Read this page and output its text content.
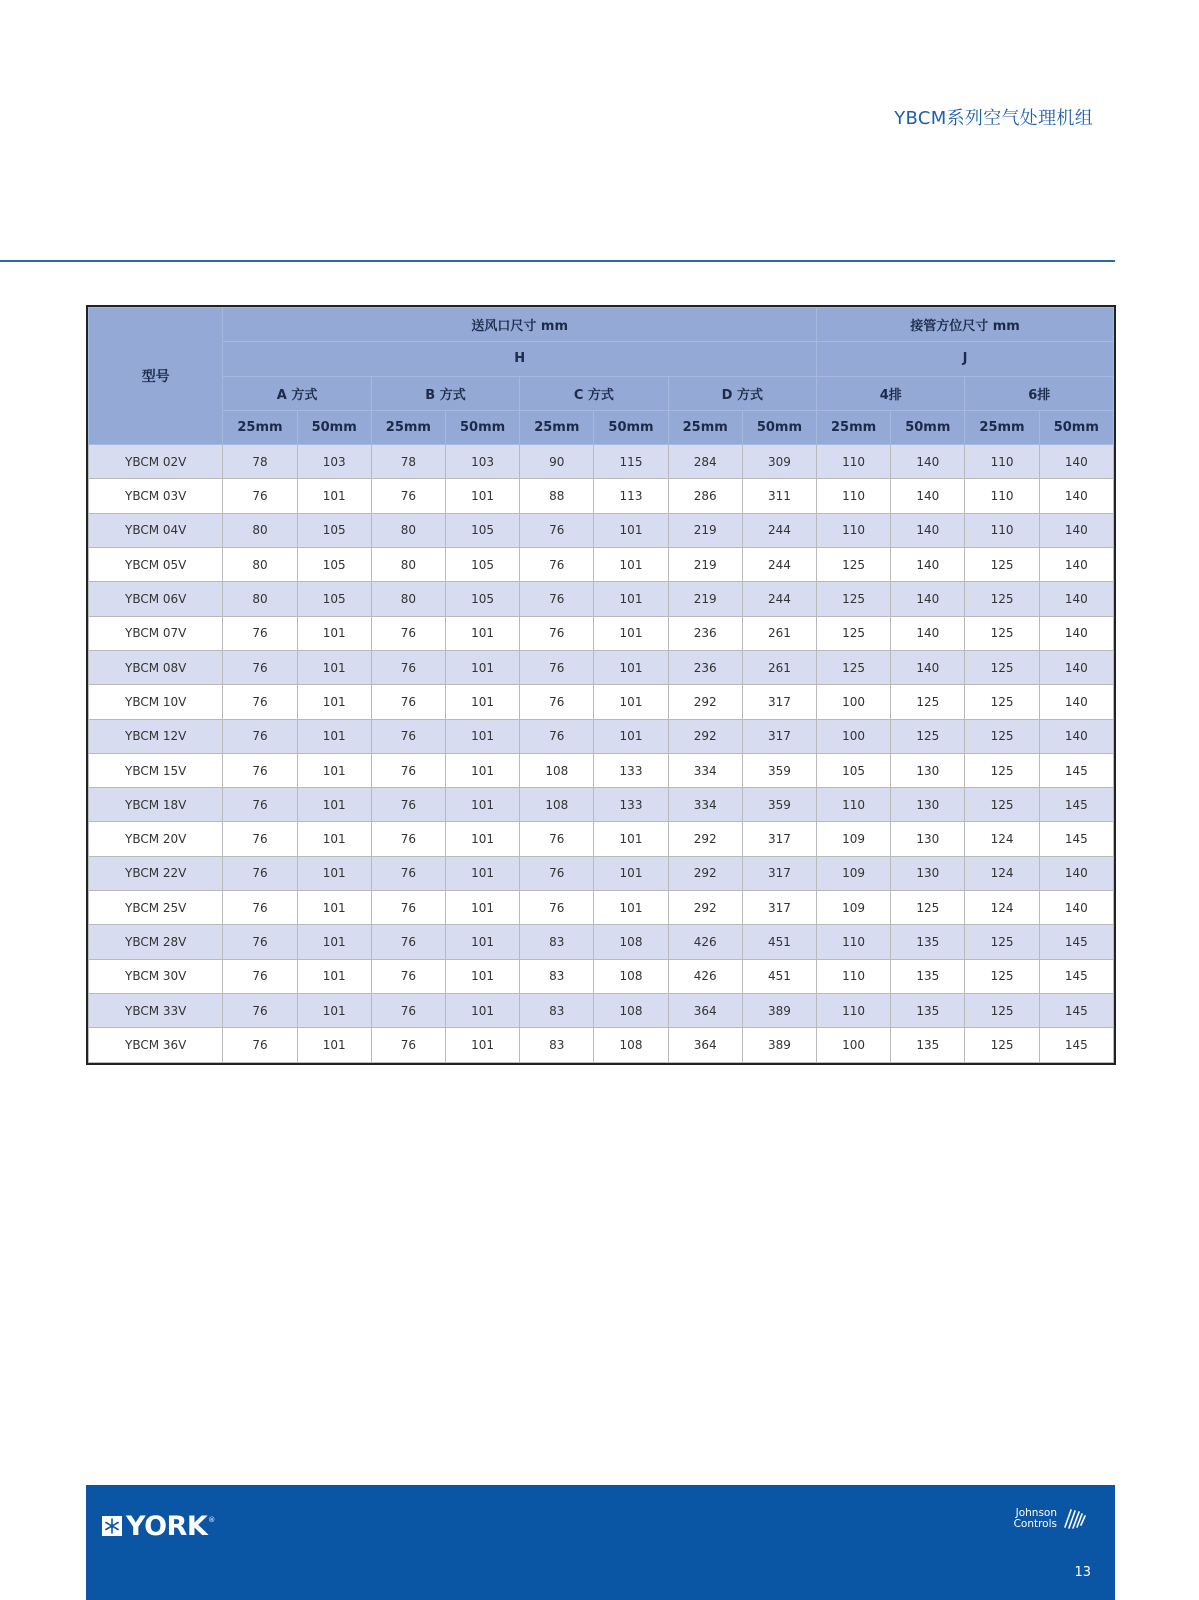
YBCM系列空气处理机组
型号	送风口尺寸 mm								接管方位尺寸 mm			
	H								J			
	A 方式		B 方式		C 方式		D 方式		4排		6排	
	25mm	50mm	25mm	50mm	25mm	50mm	25mm	50mm	25mm	50mm	25mm	50mm
YBCM 02V	78	103	78	103	90	115	284	309	110	140	110	140
YBCM 03V	76	101	76	101	88	113	286	311	110	140	110	140
YBCM 04V	80	105	80	105	76	101	219	244	110	140	110	140
YBCM 05V	80	105	80	105	76	101	219	244	125	140	125	140
YBCM 06V	80	105	80	105	76	101	219	244	125	140	125	140
YBCM 07V	76	101	76	101	76	101	236	261	125	140	125	140
YBCM 08V	76	101	76	101	76	101	236	261	125	140	125	140
YBCM 10V	76	101	76	101	76	101	292	317	100	125	125	140
YBCM 12V	76	101	76	101	76	101	292	317	100	125	125	140
YBCM 15V	76	101	76	101	108	133	334	359	105	130	125	145
YBCM 18V	76	101	76	101	108	133	334	359	110	130	125	145
YBCM 20V	76	101	76	101	76	101	292	317	109	130	124	145
YBCM 22V	76	101	76	101	76	101	292	317	109	130	124	140
YBCM 25V	76	101	76	101	76	101	292	317	109	125	124	140
YBCM 28V	76	101	76	101	83	108	426	451	110	135	125	145
YBCM 30V	76	101	76	101	83	108	426	451	110	135	125	145
YBCM 33V	76	101	76	101	83	108	364	389	110	135	125	145
YBCM 36V	76	101	76	101	83	108	364	389	100	135	125	145
YORK ®
Johnson
Controls
13
